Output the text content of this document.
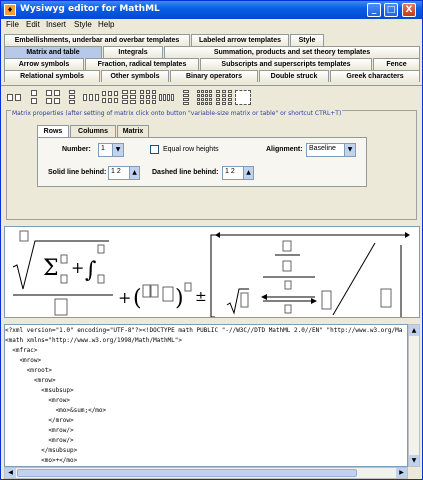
♦ Wysiwyg editor for MathML	_	□	X
File Edit Insert Style Help
Embellishments, underbar and overbar templates	Labeled arrow templates	Style
Matrix and table	Integrals	Summation, products and set theory templates
Arrow symbols	Fraction, radical templates	Subscripts and superscripts templates	Fence
Relational symbols	Other symbols	Binary operators	Double struck	Greek characters
Matrix properties (after setting of matrix click onto button "variable-size matrix or table" or shortcut CTRL+T)
Rows	Columns	Matrix
Number: 1	▼	Equal row heights	Alignment: Baseline	▼
Solid line behind: 1 2	▲	Dashed line behind: 1 2	▲
Σ + ∫
+ ( ) ±
<?xml version="1.0" encoding="UTF-8"?><!DOCTYPE math PUBLIC "-//W3C//DTD MathML 2.0//EN" "http://www.w3.org/Ma
<math xmlns="http://www.w3.org/1998/Math/MathML">
<mfrac>
<mrow>
<mroot>
<mrow>
<msubsup>
<mrow>
<mo>&sum;</mo>
</mrow>
<mrow/>
<mrow/>
</msubsup>
<mo>+</mo>
▲
▼
◀	▶
